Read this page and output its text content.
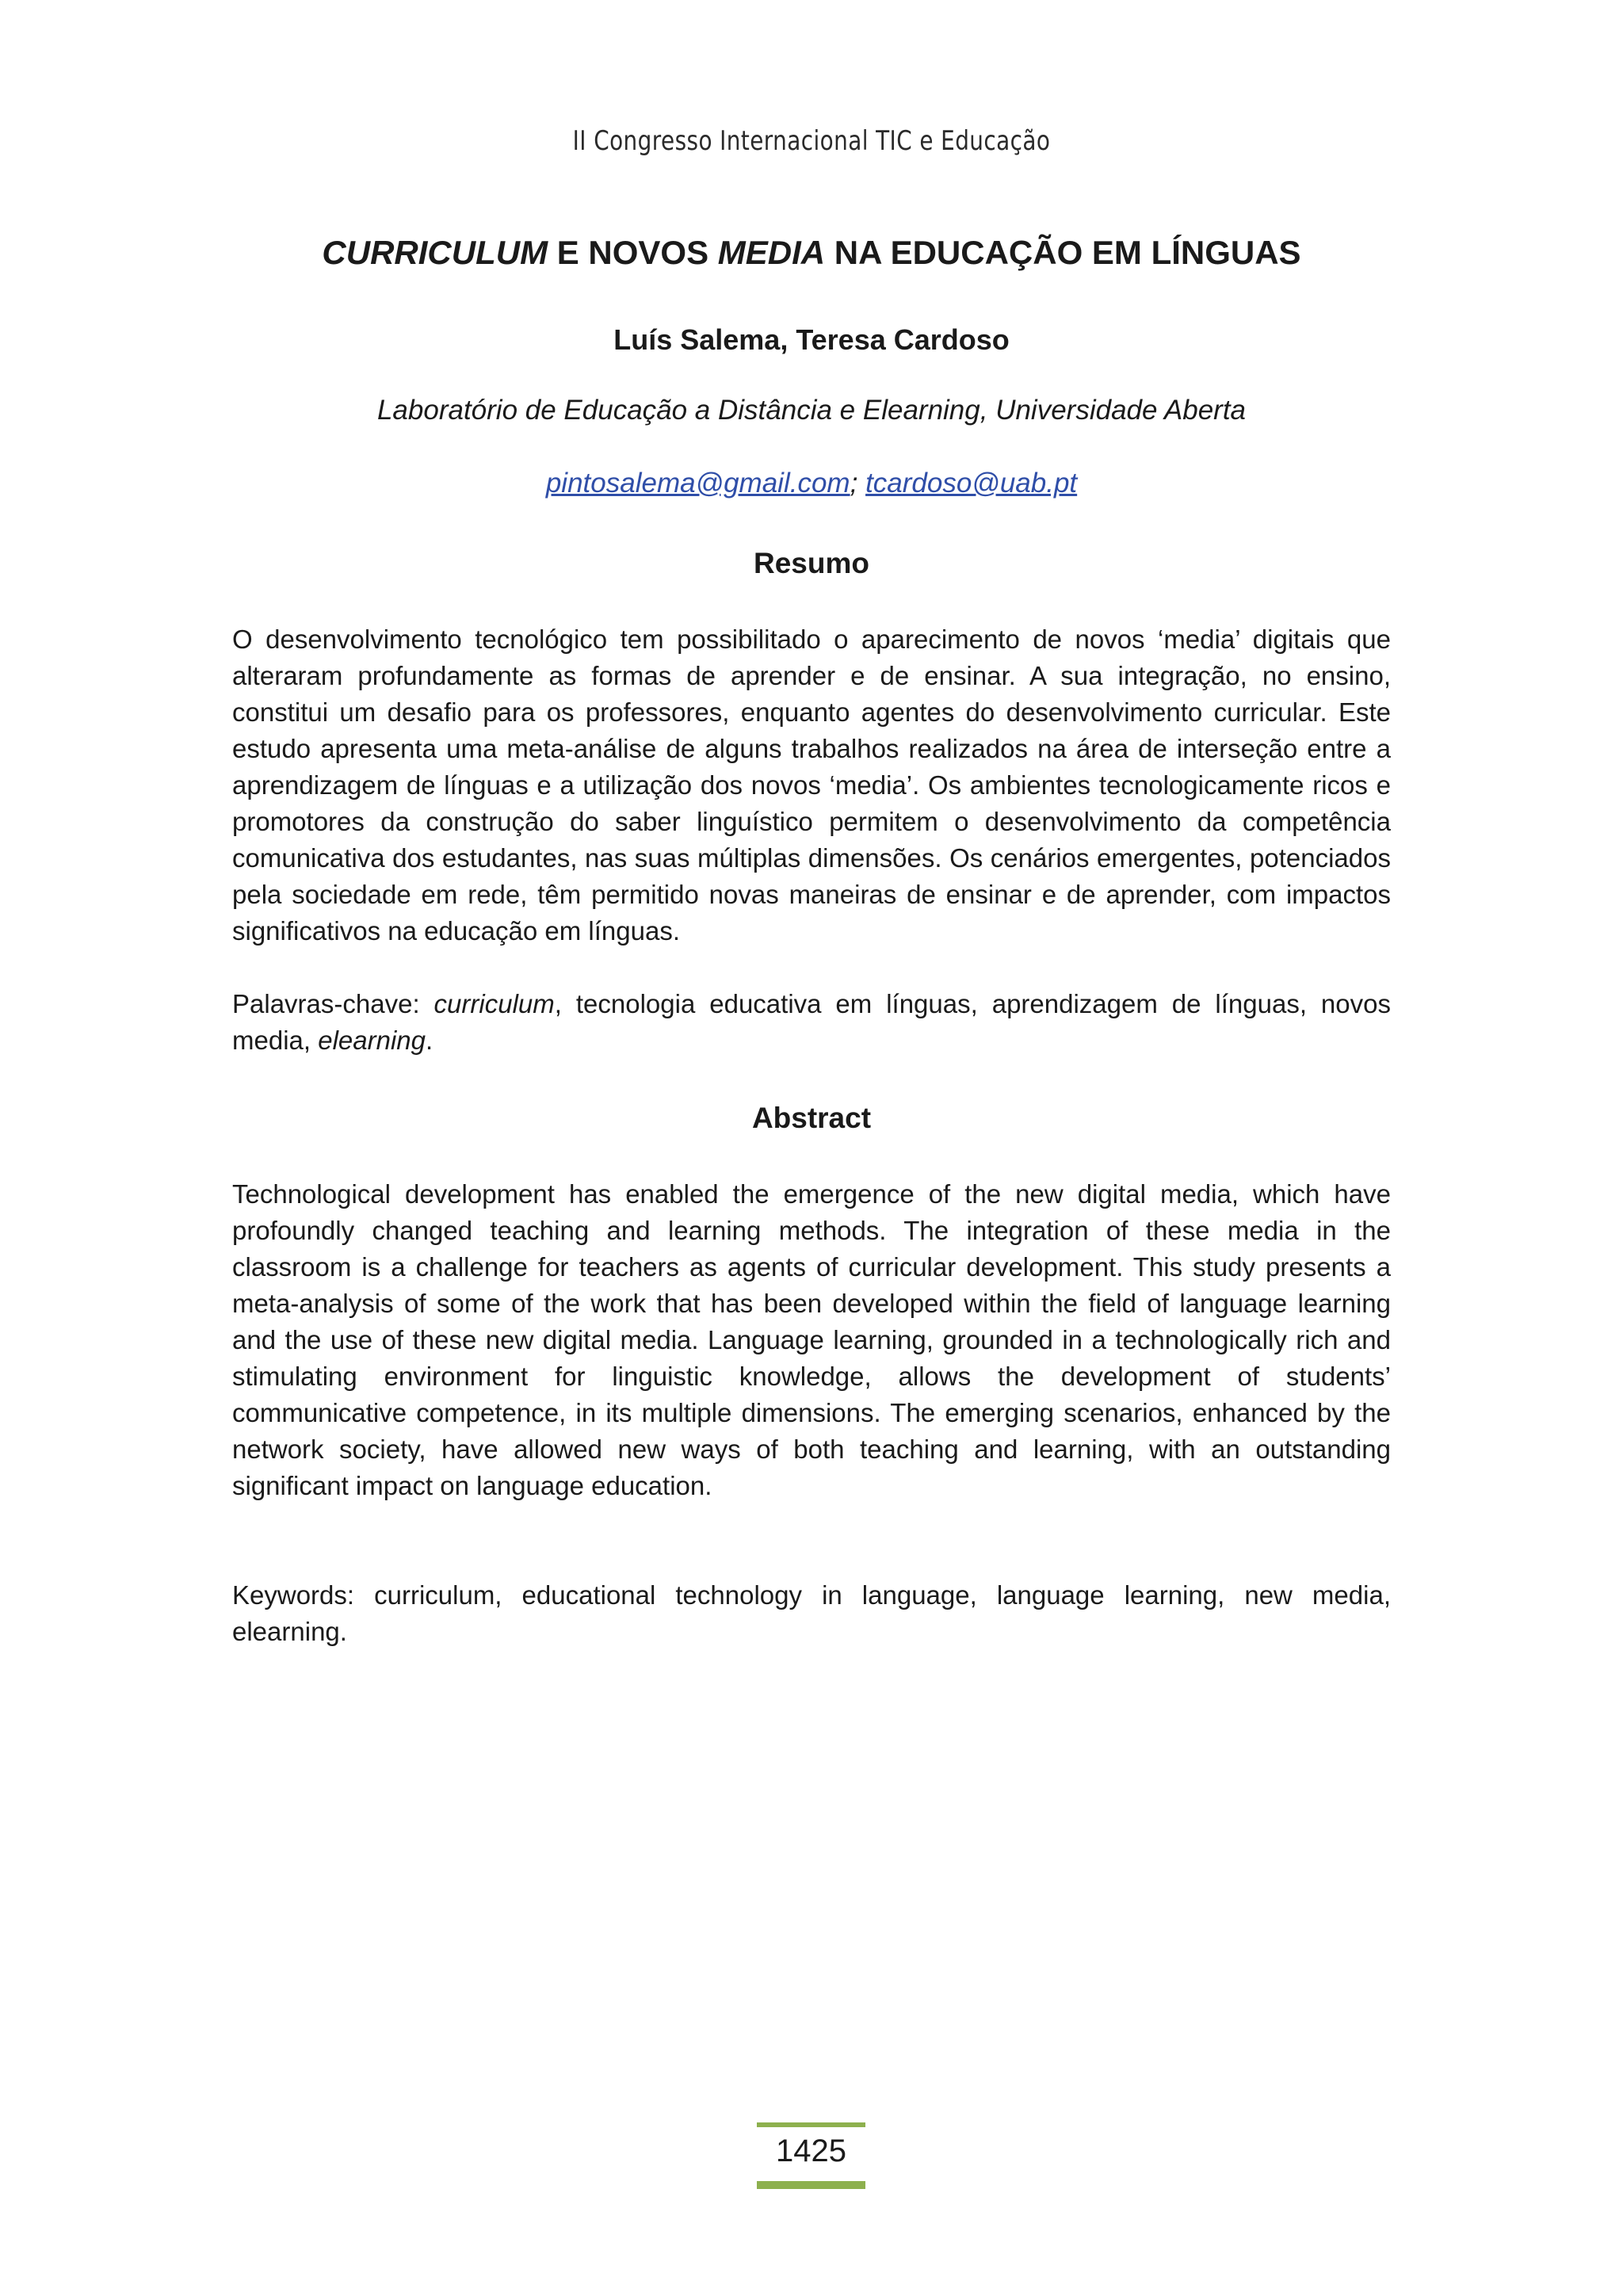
II Congresso Internacional TIC e Educação
CURRICULUM E NOVOS MEDIA NA EDUCAÇÃO EM LÍNGUAS
Luís Salema, Teresa Cardoso
Laboratório de Educação a Distância e Elearning, Universidade Aberta
pintosalema@gmail.com; tcardoso@uab.pt
Resumo

O desenvolvimento tecnológico tem possibilitado o aparecimento de novos ‘media’ digitais que alteraram profundamente as formas de aprender e de ensinar. A sua integração, no ensino, constitui um desafio para os professores, enquanto agentes do desenvolvimento curricular. Este estudo apresenta uma meta-análise de alguns trabalhos realizados na área de interseção entre a aprendizagem de línguas e a utilização dos novos ‘media’. Os ambientes tecnologicamente ricos e promotores da construção do saber linguístico permitem o desenvolvimento da competência comunicativa dos estudantes, nas suas múltiplas dimensões. Os cenários emergentes, potenciados pela sociedade em rede, têm permitido novas maneiras de ensinar e de aprender, com impactos significativos na educação em línguas.

Palavras-chave: curriculum, tecnologia educativa em línguas, aprendizagem de línguas, novos media, elearning.

Abstract

Technological development has enabled the emergence of the new digital media, which have profoundly changed teaching and learning methods. The integration of these media in the classroom is a challenge for teachers as agents of curricular development. This study presents a meta-analysis of some of the work that has been developed within the field of language learning and the use of these new digital media. Language learning, grounded in a technologically rich and stimulating environment for linguistic knowledge, allows the development of students’ communicative competence, in its multiple dimensions. The emerging scenarios, enhanced by the network society, have allowed new ways of both teaching and learning, with an outstanding significant impact on language education.

Keywords: curriculum, educational technology in language, language learning, new media, elearning.

1425
